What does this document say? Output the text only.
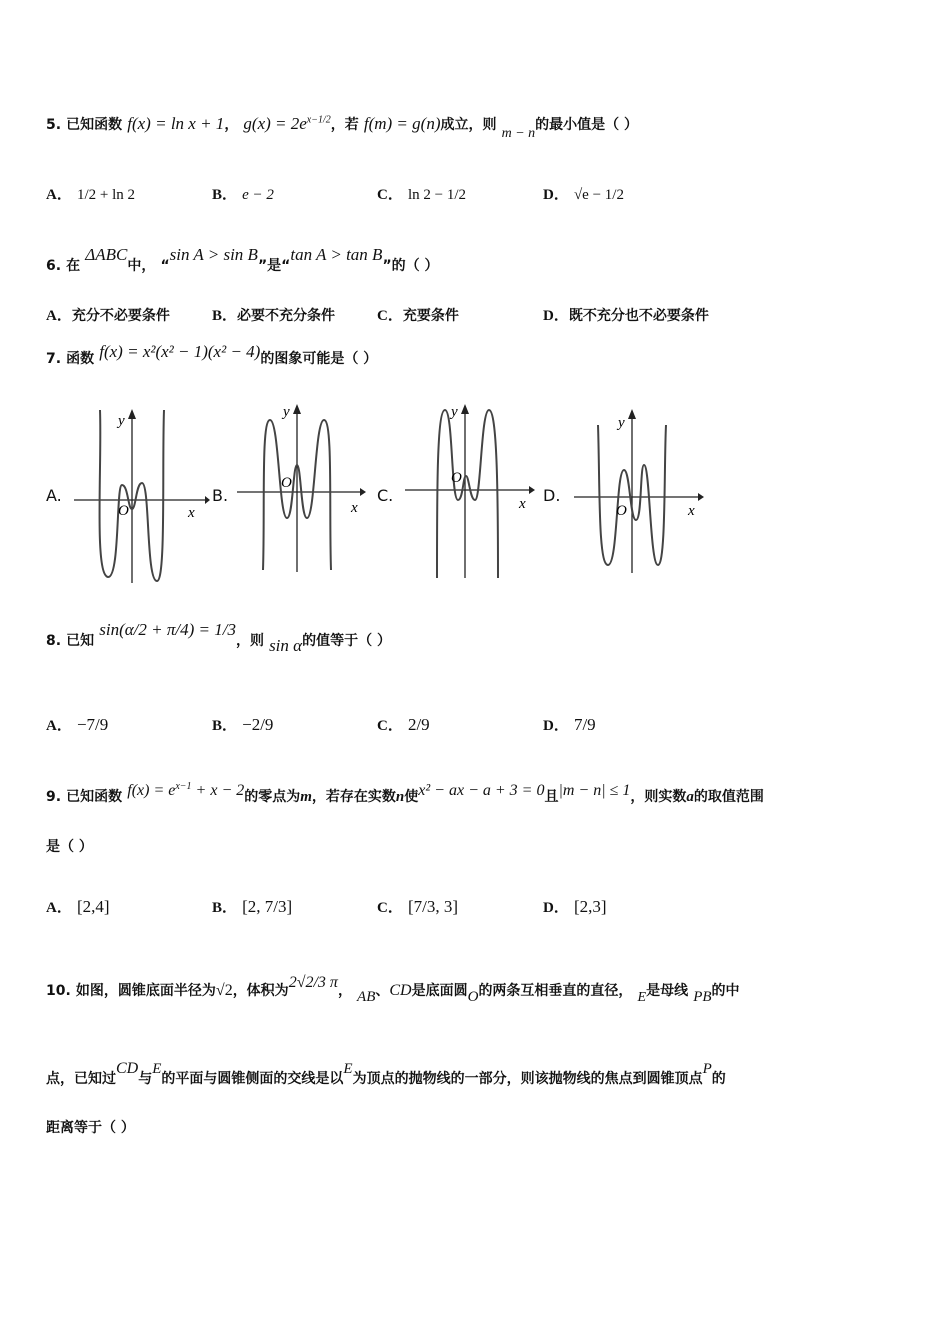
5. 已知函数 f(x) = ln x + 1， $g(x) = 2e^{x-1/2}$，若 f(m) = g(n)成立，则 m − n的最小值是（ ）
A． 1/2 + ln 2	B． e − 2	C． ln 2 − 1/2	D． √e − 1/2
6. 在 ΔABC中， “sin A > sin B”是“tan A > tan B”的（ ）
A．充分不必要条件	B．必要不充分条件	C．充要条件	D．既不充分也不必要条件
7. 函数 f(x) = x²(x² − 1)(x² − 4)的图象可能是（ ）
A.
y
x
O
B.
y
x
O
C.
y
x
O
D.
y
x
O
8. 已知 sin(α/2 + π/4) = 1/3，则 sin α的值等于（ ）
A． −7/9	B． −2/9	C． 2/9	D． 7/9
9. 已知函数 $f(x) = e^{x-1} + x - 2$的零点为m，若存在实数n使x² − ax − a + 3 = 0且|m − n| ≤ 1，则实数a的取值范围
是（ ）
A． [2,4]	B． [2, 7/3]	C． [7/3, 3]	D． [2,3]
10. 如图，圆锥底面半径为√2，体积为2√2/3 π， AB、CD是底面圆O的两条互相垂直的直径， E是母线 PB的中
点，已知过CD与E的平面与圆锥侧面的交线是以E为顶点的抛物线的一部分，则该抛物线的焦点到圆锥顶点P的
距离等于（ ）
